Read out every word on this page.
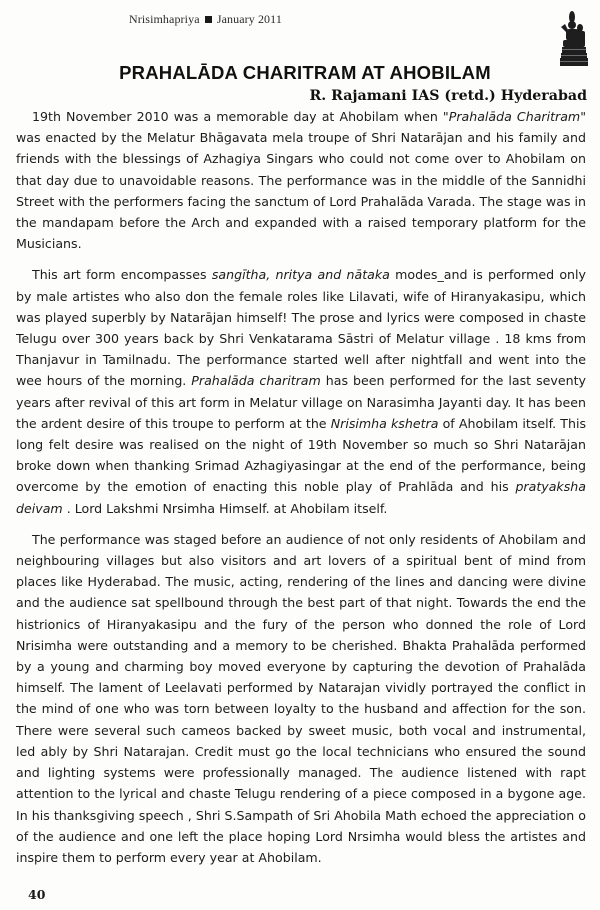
Nrisimhapriya January 2011
PRAHALĀDA CHARITRAM AT AHOBILAM
R. Rajamani IAS (retd.) Hyderabad

19th November 2010 was a memorable day at Ahobilam when "Prahalāda Charitram" was enacted by the Melatur Bhāgavata mela troupe of Shri Natarājan and his family and friends with the blessings of Azhagiya Singars who could not come over to Ahobilam on that day due to unavoidable reasons. The performance was in the middle of the Sannidhi Street with the performers facing the sanctum of Lord Prahalāda Varada. The stage was in the mandapam before the Arch and expanded with a raised temporary platform for the Musicians.

This art form encompasses sangītha, nritya and nātaka modes_and is performed only by male artistes who also don the female roles like Lilavati, wife of Hiranyakasipu, which was played superbly by Natarājan himself! The prose and lyrics were composed in chaste Telugu over 300 years back by Shri Venkatarama Sāstri of Melatur village . 18 kms from Thanjavur in Tamilnadu. The performance started well after nightfall and went into the wee hours of the morning. Prahalāda charitram has been performed for the last seventy years after revival of this art form in Melatur village on Narasimha Jayanti day. It has been the ardent desire of this troupe to perform at the Nrisimha kshetra of Ahobilam itself. This long felt desire was realised on the night of 19th November so much so Shri Natarājan broke down when thanking Srimad Azhagiyasingar at the end of the performance, being overcome by the emotion of enacting this noble play of Prahlāda and his pratyaksha deivam . Lord Lakshmi Nrsimha Himself. at Ahobilam itself.

The performance was staged before an audience of not only residents of Ahobilam and neighbouring villages but also visitors and art lovers of a spiritual bent of mind from places like Hyderabad. The music, acting, rendering of the lines and dancing were divine and the audience sat spellbound through the best part of that night. Towards the end the histrionics of Hiranyakasipu and the fury of the person who donned the role of Lord Nrisimha were outstanding and a memory to be cherished. Bhakta Prahalāda performed by a young and charming boy moved everyone by capturing the devotion of Prahalāda himself. The lament of Leelavati performed by Natarajan vividly portrayed the conflict in the mind of one who was torn between loyalty to the husband and affection for the son. There were several such cameos backed by sweet music, both vocal and instrumental, led ably by Shri Natarajan. Credit must go the local technicians who ensured the sound and lighting systems were professionally managed. The audience listened with rapt attention to the lyrical and chaste Telugu rendering of a piece composed in a bygone age. In his thanksgiving speech , Shri S.Sampath of Sri Ahobila Math echoed the appreciation o of the audience and one left the place hoping Lord Nrsimha would bless the artistes and inspire them to perform every year at Ahobilam.

40
